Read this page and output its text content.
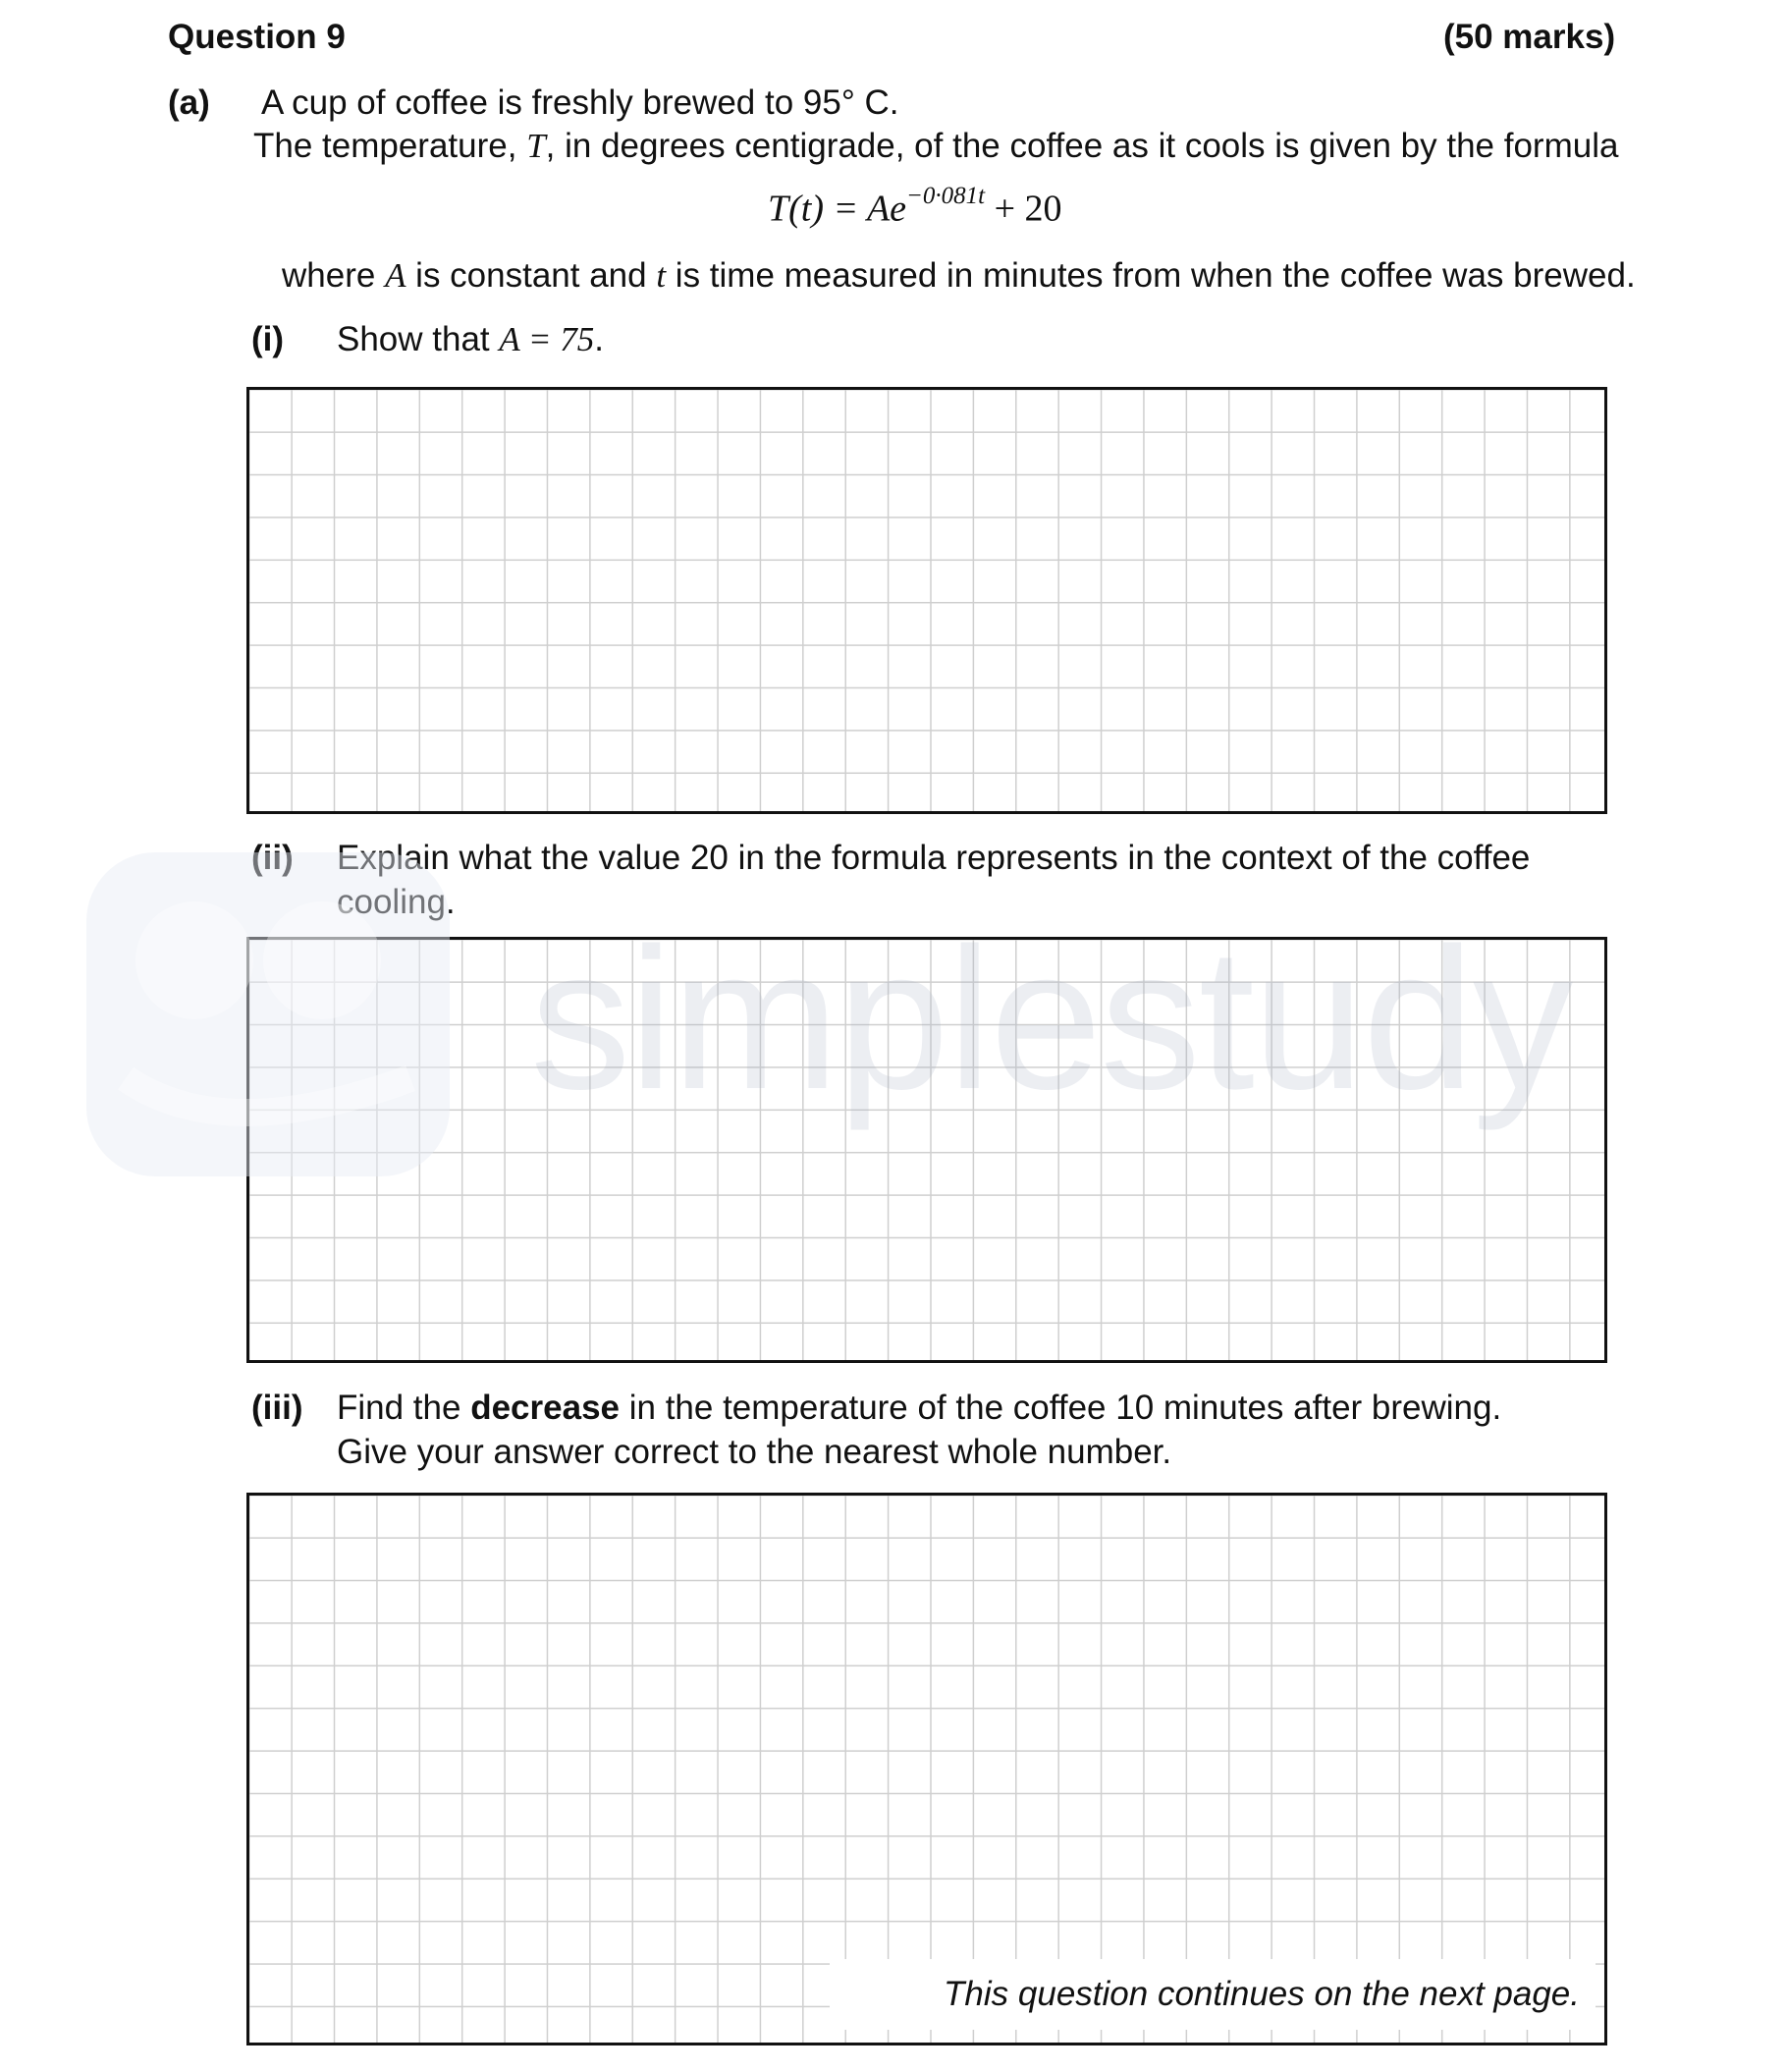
Question 9	(50 marks)
(a) A cup of coffee is freshly brewed to 95° C.
The temperature, T, in degrees centigrade, of the coffee as it cools is given by the formula
$T(t) = Ae^{-0\cdot 081t} + 20$
where A is constant and t is time measured in minutes from when the coffee was brewed.
(i) Show that A = 75.
(ii) Explain what the value 20 in the formula represents in the context of the coffee
cooling.
(iii) Find the decrease in the temperature of the coffee 10 minutes after brewing.
Give your answer correct to the nearest whole number.
This question continues on the next page.
simplestudy
